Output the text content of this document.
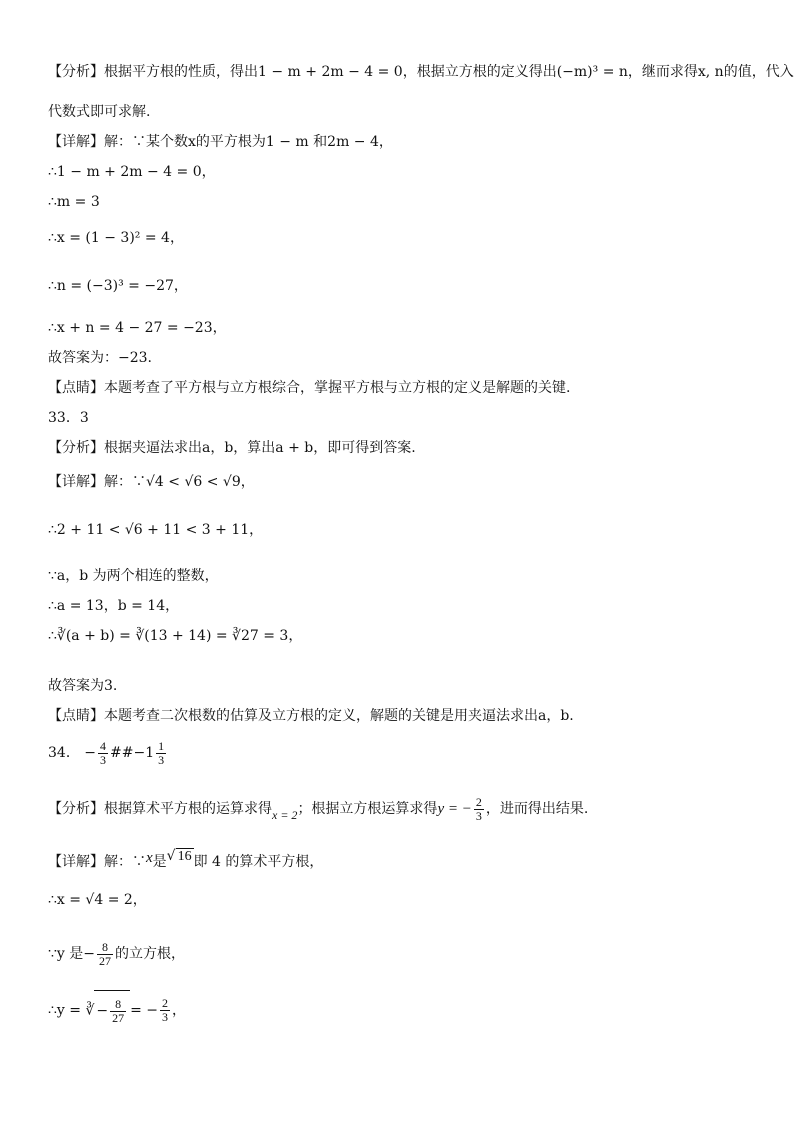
【分析】根据平方根的性质，得出1 − m + 2m − 4 = 0，根据立方根的定义得出(−m)³ = n，继而求得x, n的值，代入
代数式即可求解.
【详解】解：∵某个数x的平方根为1 − m 和2m − 4，
∴1 − m + 2m − 4 = 0，
∴m = 3
∴x = (1 − 3)² = 4，
∴n = (−3)³ = −27，
∴x + n = 4 − 27 = −23，
故答案为：−23.
【点睛】本题考查了平方根与立方根综合，掌握平方根与立方根的定义是解题的关键.
33．3
【分析】根据夹逼法求出a，b，算出a + b，即可得到答案.
【详解】解：∵√4 < √6 < √9，
∴2 + 11 < √6 + 11 < 3 + 11，
∵a，b 为两个相连的整数，
∴a = 13，b = 14，
∴∛(a + b) = ∛(13 + 14) = ∛27 = 3，
故答案为3.
【点睛】本题考查二次根数的估算及立方根的定义，解题的关键是用夹逼法求出a，b.
34． − $\frac{4}{3}$ ##−1 $\frac{1}{3}$
【分析】根据算术平方根的运算求得x = 2；根据立方根运算求得y = − $\frac{2}{3}$ ，进而得出结果.
【详解】解：∵x是√ 16 即 4 的算术平方根，
∴x = √4 = 2，
∵y 是− $\frac{8}{27}$ 的立方根，
∴y = ∛ − $\frac{8}{27}$ = − $\frac{2}{3}$ ，
